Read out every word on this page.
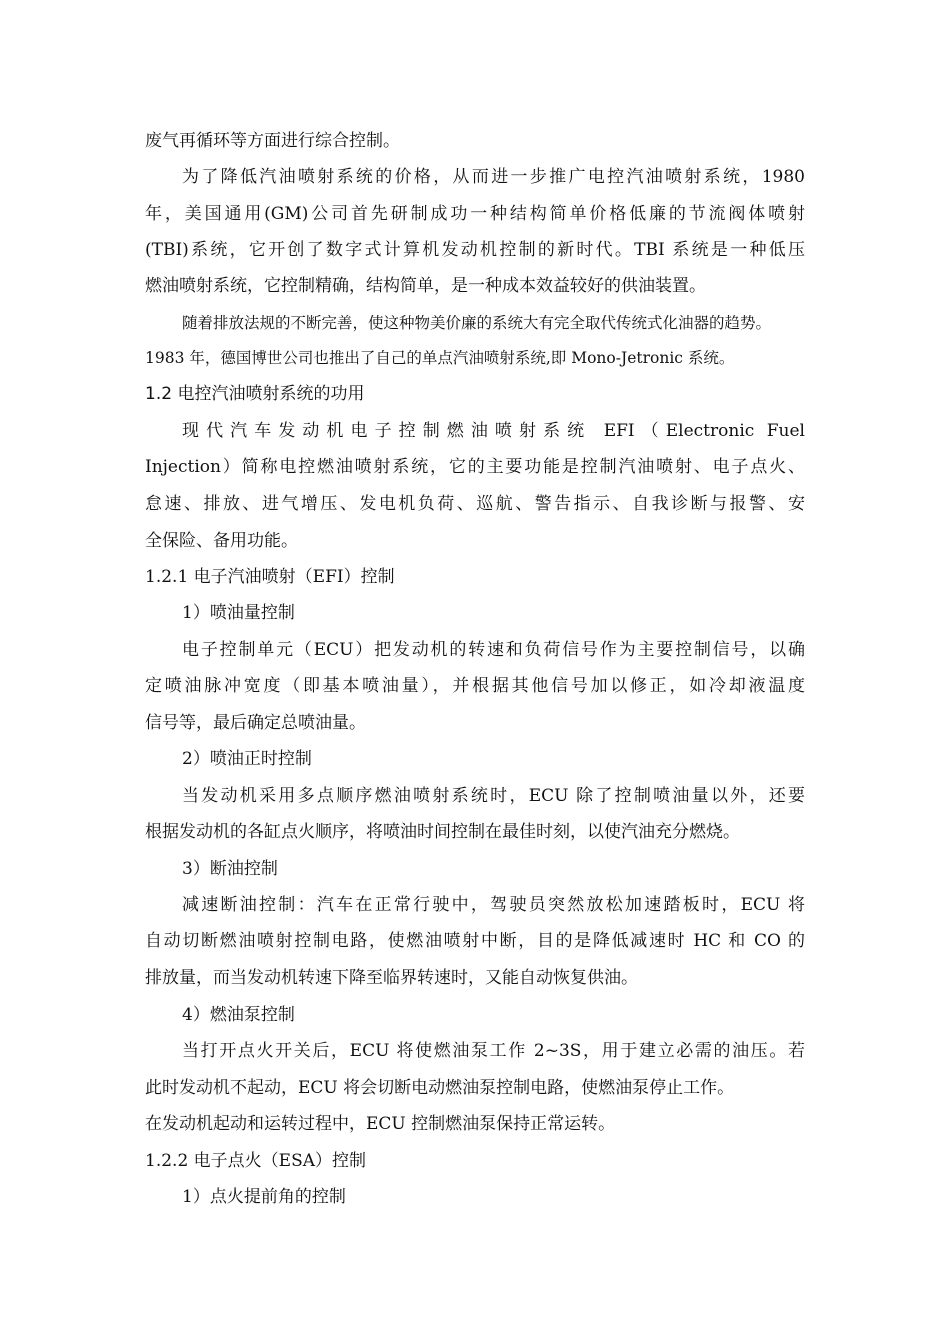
废气再循环等方面进行综合控制。
为了降低汽油喷射系统的价格，从而进一步推广电控汽油喷射系统，1980
年，美国通用(GM)公司首先研制成功一种结构简单价格低廉的节流阀体喷射
(TBI)系统，它开创了数字式计算机发动机控制的新时代。TBI 系统是一种低压
燃油喷射系统，它控制精确，结构简单，是一种成本效益较好的供油装置。
随着排放法规的不断完善，使这种物美价廉的系统大有完全取代传统式化油器的趋势。
1983 年，德国博世公司也推出了自己的单点汽油喷射系统,即 Mono-Jetronic 系统。
1.2 电控汽油喷射系统的功用
现代汽车发动机电子控制燃油喷射系统 EFI（Electronic Fuel
Injection）简称电控燃油喷射系统，它的主要功能是控制汽油喷射、电子点火、
怠速、排放、进气增压、发电机负荷、巡航、警告指示、自我诊断与报警、安
全保险、备用功能。
1.2.1 电子汽油喷射（EFI）控制
1）喷油量控制
电子控制单元（ECU）把发动机的转速和负荷信号作为主要控制信号，以确
定喷油脉冲宽度（即基本喷油量），并根据其他信号加以修正，如冷却液温度
信号等，最后确定总喷油量。
2）喷油正时控制
当发动机采用多点顺序燃油喷射系统时，ECU 除了控制喷油量以外，还要
根据发动机的各缸点火顺序，将喷油时间控制在最佳时刻，以使汽油充分燃烧。
3）断油控制
减速断油控制：汽车在正常行驶中，驾驶员突然放松加速踏板时，ECU 将
自动切断燃油喷射控制电路，使燃油喷射中断，目的是降低减速时 HC 和 CO 的
排放量，而当发动机转速下降至临界转速时，又能自动恢复供油。
4）燃油泵控制
当打开点火开关后，ECU 将使燃油泵工作 2~3S，用于建立必需的油压。若
此时发动机不起动，ECU 将会切断电动燃油泵控制电路，使燃油泵停止工作。
在发动机起动和运转过程中，ECU 控制燃油泵保持正常运转。
1.2.2 电子点火（ESA）控制
1）点火提前角的控制
